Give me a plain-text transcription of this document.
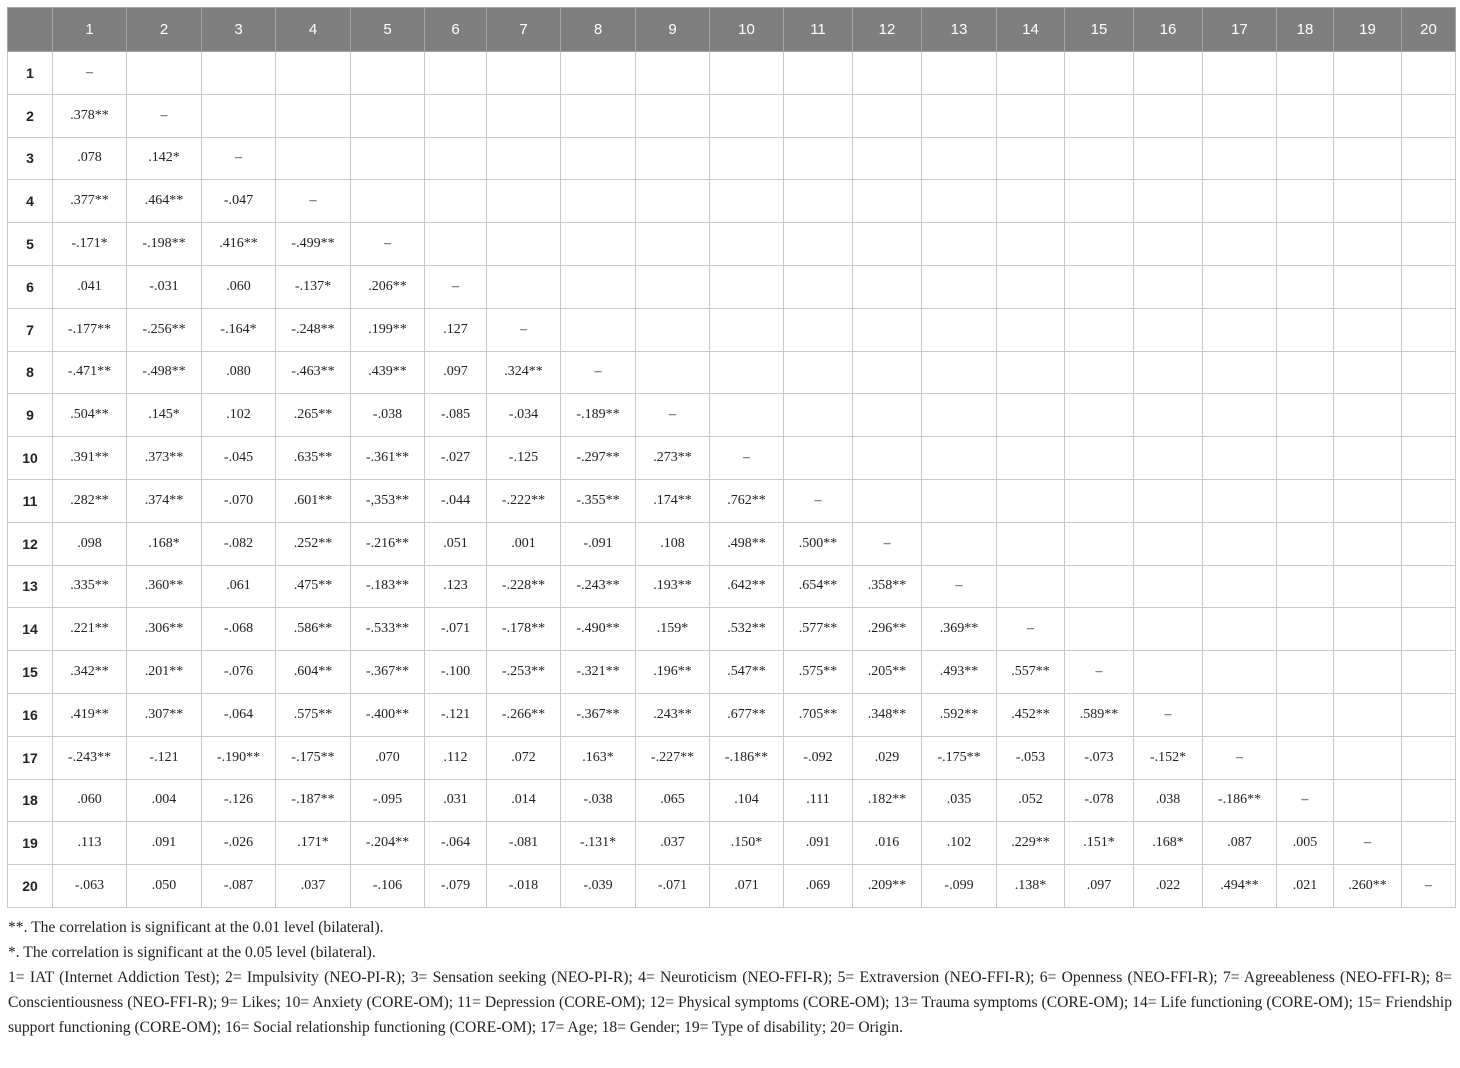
	1	2	3	4	5	6	7	8	9	10	11	12	13	14	15	16	17	18	19	20
1	–																			
2	.378**	–																		
3	.078	.142*	–																	
4	.377**	.464**	-.047	–																
5	-.171*	-.198**	.416**	-.499**	–															
6	.041	-.031	.060	-.137*	.206**	–														
7	-.177**	-.256**	-.164*	-.248**	.199**	.127	–													
8	-.471**	-.498**	.080	-.463**	.439**	.097	.324**	–												
9	.504**	.145*	.102	.265**	-.038	-.085	-.034	-.189**	–											
10	.391**	.373**	-.045	.635**	-.361**	-.027	-.125	-.297**	.273**	–										
11	.282**	.374**	-.070	.601**	-,353**	-.044	-.222**	-.355**	.174**	.762**	–									
12	.098	.168*	-.082	.252**	-.216**	.051	.001	-.091	.108	.498**	.500**	–								
13	.335**	.360**	.061	.475**	-.183**	.123	-.228**	-.243**	.193**	.642**	.654**	.358**	–							
14	.221**	.306**	-.068	.586**	-.533**	-.071	-.178**	-.490**	.159*	.532**	.577**	.296**	.369**	–						
15	.342**	.201**	-.076	.604**	-.367**	-.100	-.253**	-.321**	.196**	.547**	.575**	.205**	.493**	.557**	–					
16	.419**	.307**	-.064	.575**	-.400**	-.121	-.266**	-.367**	.243**	.677**	.705**	.348**	.592**	.452**	.589**	–				
17	-.243**	-.121	-.190**	-.175**	.070	.112	.072	.163*	-.227**	-.186**	-.092	.029	-.175**	-.053	-.073	-.152*	–			
18	.060	.004	-.126	-.187**	-.095	.031	.014	-.038	.065	.104	.111	.182**	.035	.052	-.078	.038	-.186**	–		
19	.113	.091	-.026	.171*	-.204**	-.064	-.081	-.131*	.037	.150*	.091	.016	.102	.229**	.151*	.168*	.087	.005	–	
20	-.063	.050	-.087	.037	-.106	-.079	-.018	-.039	-.071	.071	.069	.209**	-.099	.138*	.097	.022	.494**	.021	.260**	–

**. The correlation is significant at the 0.01 level (bilateral).

*. The correlation is significant at the 0.05 level (bilateral).

1= IAT (Internet Addiction Test); 2= Impulsivity (NEO-PI-R); 3= Sensation seeking (NEO-PI-R); 4= Neuroticism (NEO-FFI-R); 5= Extraversion (NEO-FFI-R); 6= Openness (NEO-FFI-R); 7= Agreeableness (NEO-FFI-R); 8= Conscientiousness (NEO-FFI-R); 9= Likes; 10= Anxiety (CORE-OM); 11= Depression (CORE-OM); 12= Physical symptoms (CORE-OM); 13= Trauma symptoms (CORE-OM); 14= Life functioning (CORE-OM); 15= Friendship support functioning (CORE-OM); 16= Social relationship functioning (CORE-OM); 17= Age; 18= Gender; 19= Type of disability; 20= Origin.
